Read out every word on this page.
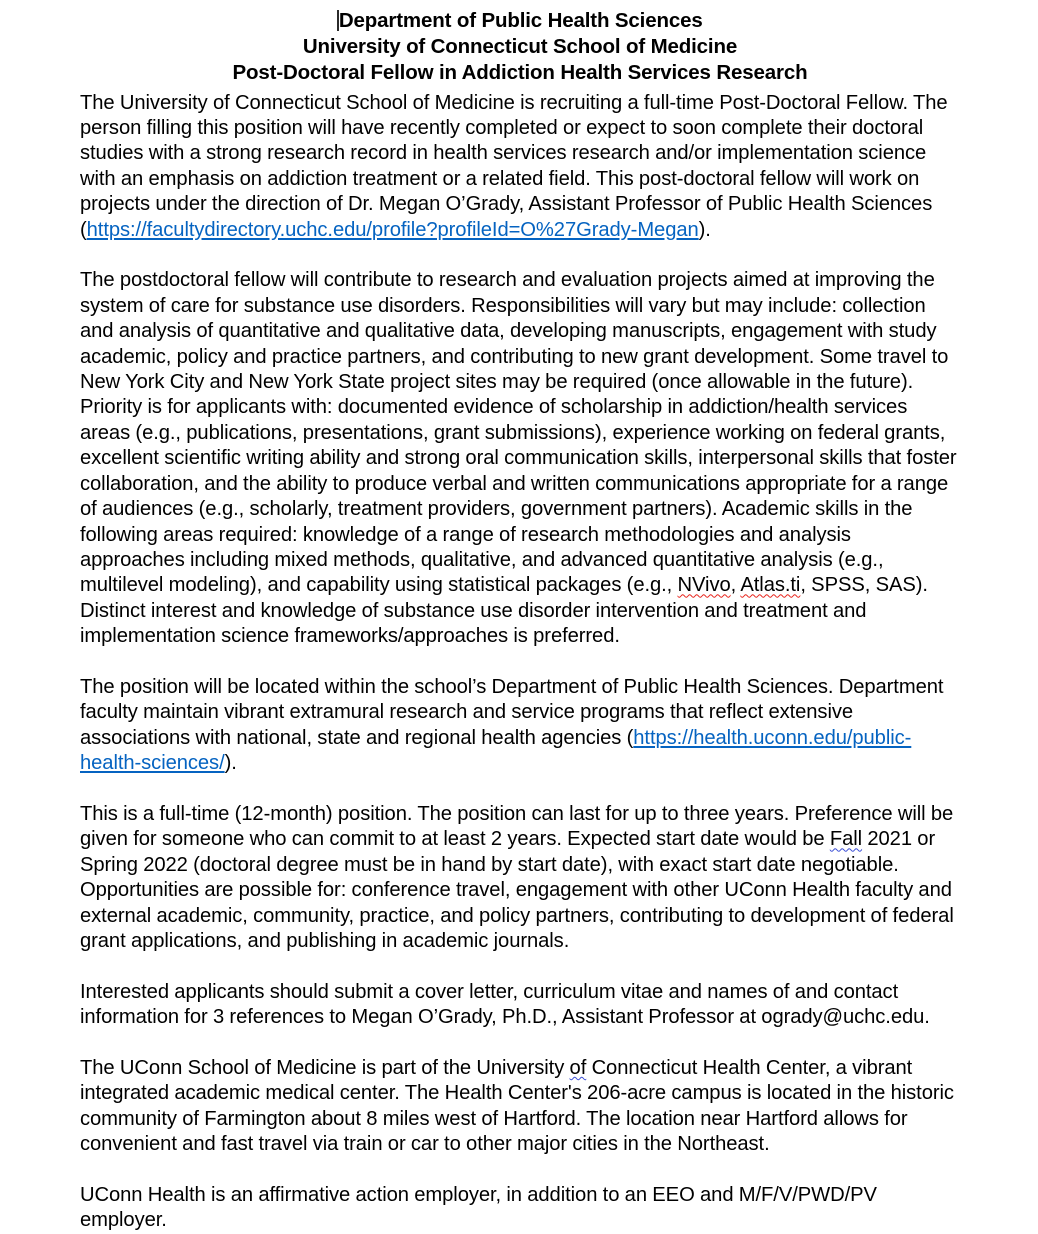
Department of Public Health Sciences
University of Connecticut School of Medicine
Post-Doctoral Fellow in Addiction Health Services Research

The University of Connecticut School of Medicine is recruiting a full-time Post-Doctoral Fellow. The person filling this position will have recently completed or expect to soon complete their doctoral studies with a strong research record in health services research and/or implementation science with an emphasis on addiction treatment or a related field. This post-doctoral fellow will work on projects under the direction of Dr. Megan O’Grady, Assistant Professor of Public Health Sciences (https://facultydirectory.uchc.edu/profile?profileId=O%27Grady-Megan).

The postdoctoral fellow will contribute to research and evaluation projects aimed at improving the system of care for substance use disorders. Responsibilities will vary but may include: collection and analysis of quantitative and qualitative data, developing manuscripts, engagement with study academic, policy and practice partners, and contributing to new grant development. Some travel to New York City and New York State project sites may be required (once allowable in the future). Priority is for applicants with: documented evidence of scholarship in addiction/health services areas (e.g., publications, presentations, grant submissions), experience working on federal grants, excellent scientific writing ability and strong oral communication skills, interpersonal skills that foster collaboration, and the ability to produce verbal and written communications appropriate for a range of audiences (e.g., scholarly, treatment providers, government partners). Academic skills in the following areas required: knowledge of a range of research methodologies and analysis approaches including mixed methods, qualitative, and advanced quantitative analysis (e.g., multilevel modeling), and capability using statistical packages (e.g., NVivo, Atlas.ti, SPSS, SAS). Distinct interest and knowledge of substance use disorder intervention and treatment and implementation science frameworks/approaches is preferred.

The position will be located within the school’s Department of Public Health Sciences. Department faculty maintain vibrant extramural research and service programs that reflect extensive associations with national, state and regional health agencies (https://health.uconn.edu/public-health-sciences/).

This is a full-time (12-month) position. The position can last for up to three years. Preference will be given for someone who can commit to at least 2 years. Expected start date would be Fall 2021 or Spring 2022 (doctoral degree must be in hand by start date), with exact start date negotiable. Opportunities are possible for: conference travel, engagement with other UConn Health faculty and external academic, community, practice, and policy partners, contributing to development of federal grant applications, and publishing in academic journals.

Interested applicants should submit a cover letter, curriculum vitae and names of and contact information for 3 references to Megan O’Grady, Ph.D., Assistant Professor at ogrady@uchc.edu.

The UConn School of Medicine is part of the University of Connecticut Health Center, a vibrant integrated academic medical center. The Health Center's 206-acre campus is located in the historic community of Farmington about 8 miles west of Hartford. The location near Hartford allows for convenient and fast travel via train or car to other major cities in the Northeast.

UConn Health is an affirmative action employer, in addition to an EEO and M/F/V/PWD/PV employer.
